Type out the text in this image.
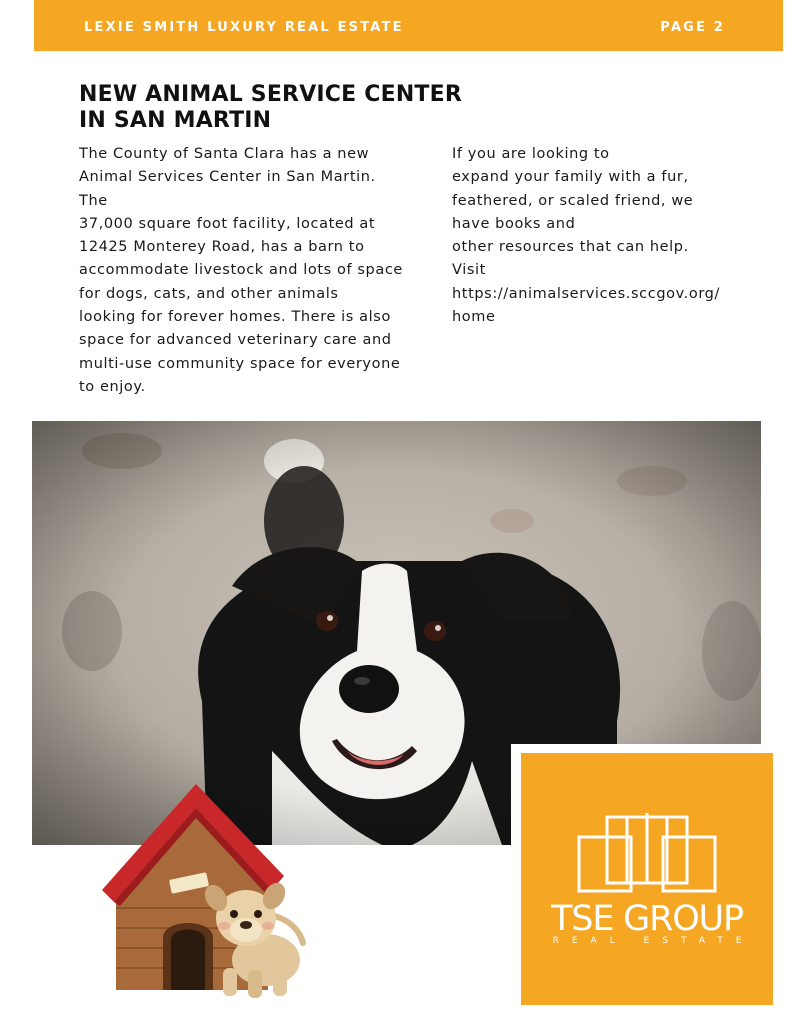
LEXIE SMITH LUXURY REAL ESTATE	PAGE 2
NEW ANIMAL SERVICE CENTER
IN SAN MARTIN
The County of Santa Clara has a new
Animal Services Center in San Martin.
The
37,000 square foot facility, located at
12425 Monterey Road, has a barn to
accommodate livestock and lots of space
for dogs, cats, and other animals
looking for forever homes. There is also
space for advanced veterinary care and
multi-use community space for everyone
to enjoy.
If you are looking to
expand your family with a fur,
feathered, or scaled friend, we
have books and
other resources that can help.
Visit
https://animalservices.sccgov.org/
home
TSE GROUP
REAL ESTATE
